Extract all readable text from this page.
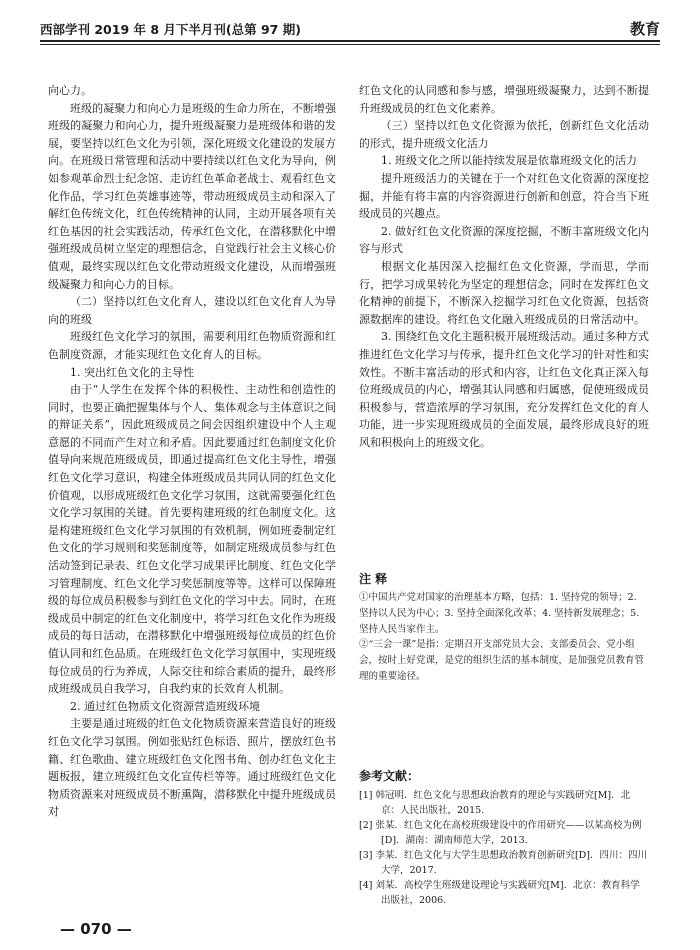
西部学刊 2019 年 8 月下半月刊(总第 97 期)	教育

向心力。

班级的凝聚力和向心力是班级的生命力所在，不断增强班级的凝聚力和向心力，提升班级凝聚力是班级体和谐的发展，要坚持以红色文化为引领，深化班级文化建设的发展方向。在班级日常管理和活动中要持续以红色文化为导向，例如参观革命烈士纪念馆、走访红色革命老战士、观看红色文化作品，学习红色英雄事迹等，带动班级成员主动和深入了解红色传统文化，红色传统精神的认同，主动开展各项有关红色基因的社会实践活动，传承红色文化，在潜移默化中增强班级成员树立坚定的理想信念，自觉践行社会主义核心价值观，最终实现以红色文化带动班级文化建设，从而增强班级凝聚力和向心力的目标。

（二）坚持以红色文化育人，建设以红色文化育人为导向的班级

班级红色文化学习的氛围，需要利用红色物质资源和红色制度资源，才能实现红色文化育人的目标。

1. 突出红色文化的主导性

由于“人学生在发挥个体的积极性、主动性和创造性的同时，也要正确把握集体与个人、集体观念与主体意识之间的辩证关系”，因此班级成员之间会因组织建设中个人主观意愿的不同而产生对立和矛盾。因此要通过红色制度文化价值导向来规范班级成员，即通过提高红色文化主导性，增强红色文化学习意识，构建全体班级成员共同认同的红色文化价值观，以形成班级红色文化学习氛围，这就需要强化红色文化学习氛围的关键。首先要构建班级的红色制度文化。这是构建班级红色文化学习氛围的有效机制，例如班委制定红色文化的学习规则和奖惩制度等，如制定班级成员参与红色活动签到记录表、红色文化学习成果评比制度、红色文化学习管理制度、红色文化学习奖惩制度等等。这样可以保障班级的每位成员积极参与到红色文化的学习中去。同时，在班级成员中制定的红色文化制度中，将学习红色文化作为班级成员的每日活动，在潜移默化中增强班级每位成员的红色价值认同和红色品质。在班级红色文化学习氛围中，实现班级每位成员的行为养成，人际交往和综合素质的提升，最终形成班级成员自我学习，自我约束的长效育人机制。

2. 通过红色物质文化资源营造班级环境

主要是通过班级的红色文化物质资源来营造良好的班级红色文化学习氛围。例如张贴红色标语、照片，摆放红色书籍、红色歌曲、建立班级红色文化图书角、创办红色文化主题板报，建立班级红色文化宣传栏等等。通过班级红色文化物质资源来对班级成员不断熏陶，潜移默化中提升班级成员对

红色文化的认同感和参与感，增强班级凝聚力，达到不断提升班级成员的红色文化素养。

（三）坚持以红色文化资源为依托，创新红色文化活动的形式，提升班级文化活力

1. 班级文化之所以能持续发展是依靠班级文化的活力

提升班级活力的关键在于一个对红色文化资源的深度挖掘，并能有将丰富的内容资源进行创新和创意，符合当下班级成员的兴趣点。

2. 做好红色文化资源的深度挖掘，不断丰富班级文化内容与形式

根据文化基因深入挖掘红色文化资源，学而思，学而行，把学习成果转化为坚定的理想信念，同时在发挥红色文化精神的前提下，不断深入挖掘学习红色文化资源，包括资源数据库的建设。将红色文化融入班级成员的日常活动中。

3. 围绕红色文化主题积极开展班级活动。通过多种方式推进红色文化学习与传承，提升红色文化学习的针对性和实效性。不断丰富活动的形式和内容，让红色文化真正深入每位班级成员的内心，增强其认同感和归属感，促使班级成员积极参与，营造浓厚的学习氛围，充分发挥红色文化的育人功能，进一步实现班级成员的全面发展，最终形成良好的班风和积极向上的班级文化。

注 释

①中国共产党对国家的治理基本方略，包括：1. 坚持党的领导；2. 坚持以人民为中心；3. 坚持全面深化改革；4. 坚持新发展理念；5. 坚持人民当家作主。

②“三会一课”是指：定期召开支部党员大会、支部委员会、党小组会，按时上好党课，是党的组织生活的基本制度，是加强党员教育管理的重要途径。

参考文献：

[1] 韩冠明．红色文化与思想政治教育的理论与实践研究[M]．北京：人民出版社，2015.

[2] 张某．红色文化在高校班级建设中的作用研究——以某高校为例[D]．湖南：湖南师范大学，2013.

[3] 李某．红色文化与大学生思想政治教育创新研究[D]．四川：四川大学，2017.

[4] 刘某．高校学生班级建设理论与实践研究[M]．北京：教育科学出版社，2006.

— 070 —
